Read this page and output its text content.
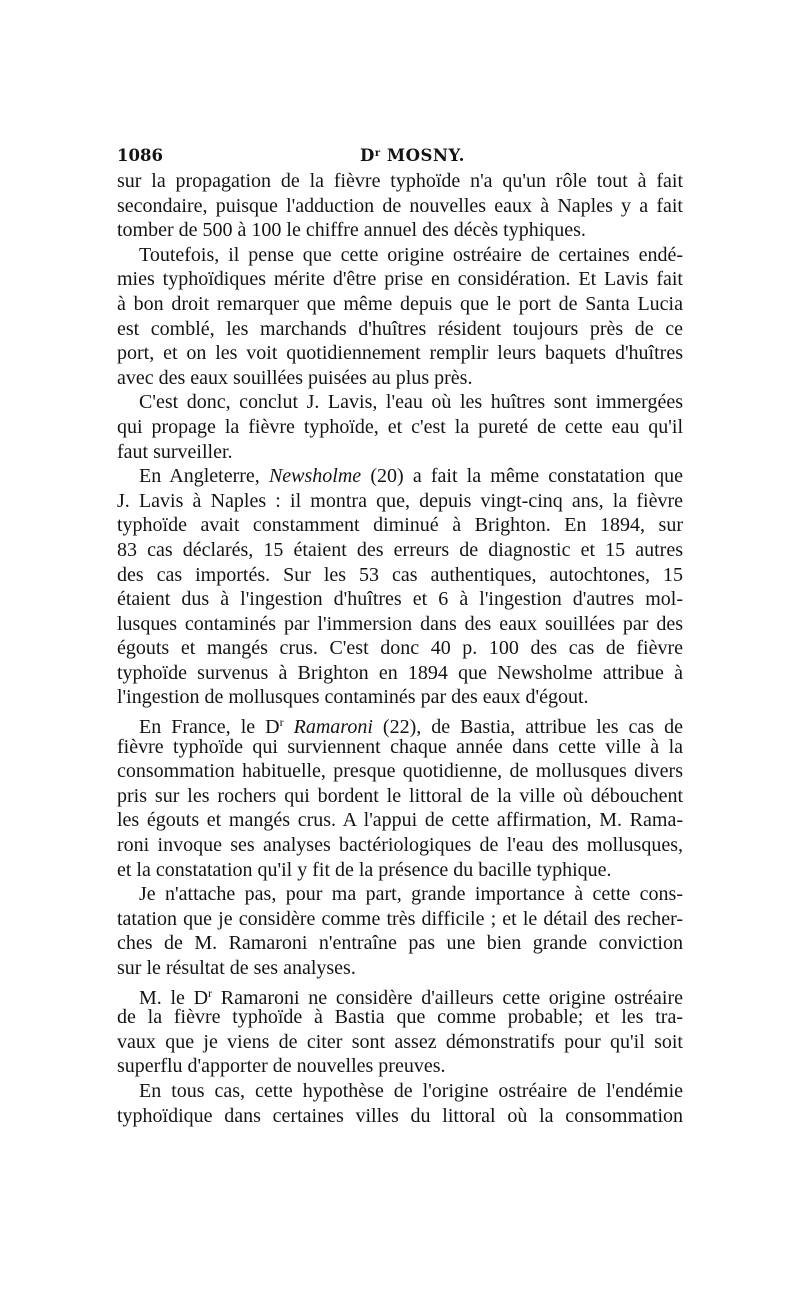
1086	$D^r$ MOSNY.
sur la propagation de la fièvre typhoïde n'a qu'un rôle tout à fait
secondaire, puisque l'adduction de nouvelles eaux à Naples y a fait
tomber de 500 à 100 le chiffre annuel des décès typhiques.
Toutefois, il pense que cette origine ostréaire de certaines endé-
mies typhoïdiques mérite d'être prise en considération. Et Lavis fait
à bon droit remarquer que même depuis que le port de Santa Lucia
est comblé, les marchands d'huîtres résident toujours près de ce
port, et on les voit quotidiennement remplir leurs baquets d'huîtres
avec des eaux souillées puisées au plus près.
C'est donc, conclut J. Lavis, l'eau où les huîtres sont immergées
qui propage la fièvre typhoïde, et c'est la pureté de cette eau qu'il
faut surveiller.
En Angleterre, Newsholme (20) a fait la même constatation que
J. Lavis à Naples : il montra que, depuis vingt-cinq ans, la fièvre
typhoïde avait constamment diminué à Brighton. En 1894, sur
83 cas déclarés, 15 étaient des erreurs de diagnostic et 15 autres
des cas importés. Sur les 53 cas authentiques, autochtones, 15
étaient dus à l'ingestion d'huîtres et 6 à l'ingestion d'autres mol-
lusques contaminés par l'immersion dans des eaux souillées par des
égouts et mangés crus. C'est donc 40 p. 100 des cas de fièvre
typhoïde survenus à Brighton en 1894 que Newsholme attribue à
l'ingestion de mollusques contaminés par des eaux d'égout.
En France, le $D^r$ Ramaroni (22), de Bastia, attribue les cas de
fièvre typhoïde qui surviennent chaque année dans cette ville à la
consommation habituelle, presque quotidienne, de mollusques divers
pris sur les rochers qui bordent le littoral de la ville où débouchent
les égouts et mangés crus. A l'appui de cette affirmation, M. Rama-
roni invoque ses analyses bactériologiques de l'eau des mollusques,
et la constatation qu'il y fit de la présence du bacille typhique.
Je n'attache pas, pour ma part, grande importance à cette cons-
tatation que je considère comme très difficile ; et le détail des recher-
ches de M. Ramaroni n'entraîne pas une bien grande conviction
sur le résultat de ses analyses.
M. le $D^r$ Ramaroni ne considère d'ailleurs cette origine ostréaire
de la fièvre typhoïde à Bastia que comme probable; et les tra-
vaux que je viens de citer sont assez démonstratifs pour qu'il soit
superflu d'apporter de nouvelles preuves.
En tous cas, cette hypothèse de l'origine ostréaire de l'endémie
typhoïdique dans certaines villes du littoral où la consommation
